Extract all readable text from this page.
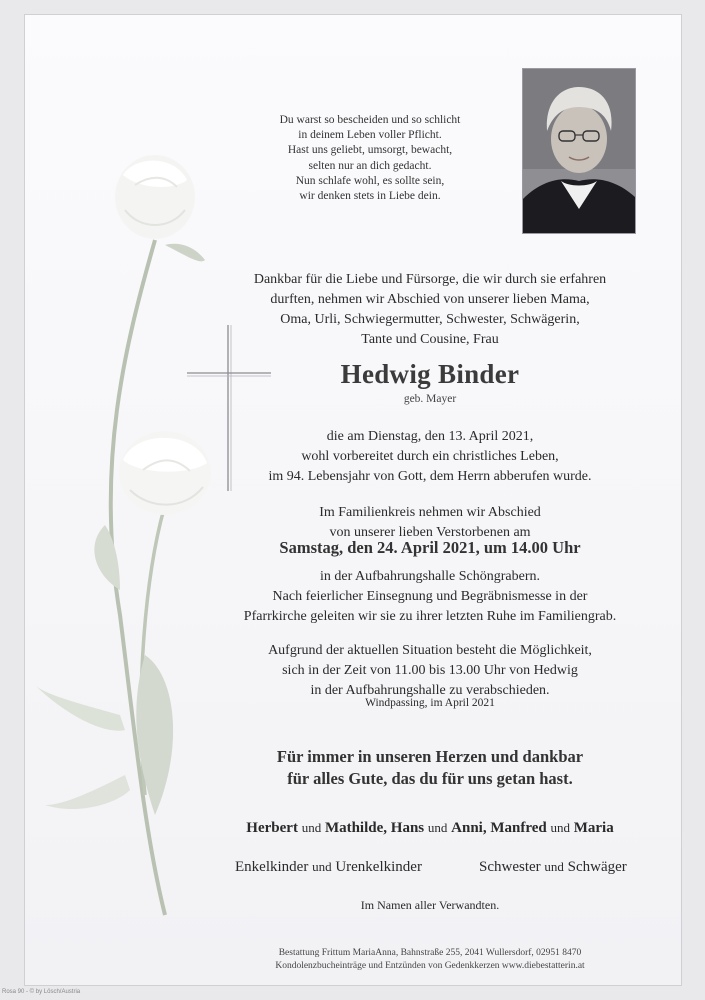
Du warst so bescheiden und so schlicht
in deinem Leben voller Pflicht.
Hast uns geliebt, umsorgt, bewacht,
selten nur an dich gedacht.
Nun schlafe wohl, es sollte sein,
wir denken stets in Liebe dein.
Dankbar für die Liebe und Fürsorge, die wir durch sie erfahren
durften, nehmen wir Abschied von unserer lieben Mama,
Oma, Urli, Schwiegermutter, Schwester, Schwägerin,
Tante und Cousine, Frau
Hedwig Binder
geb. Mayer
die am Dienstag, den 13. April 2021,
wohl vorbereitet durch ein christliches Leben,
im 94. Lebensjahr von Gott, dem Herrn abberufen wurde.
Im Familienkreis nehmen wir Abschied
von unserer lieben Verstorbenen am
Samstag, den 24. April 2021, um 14.00 Uhr
in der Aufbahrungshalle Schöngrabern.
Nach feierlicher Einsegnung und Begräbnismesse in der
Pfarrkirche geleiten wir sie zu ihrer letzten Ruhe im Familiengrab.
Aufgrund der aktuellen Situation besteht die Möglichkeit,
sich in der Zeit von 11.00 bis 13.00 Uhr von Hedwig
in der Aufbahrungshalle zu verabschieden.
Windpassing, im April 2021
Für immer in unseren Herzen und dankbar
für alles Gute, das du für uns getan hast.
Herbert und Mathilde, Hans und Anni, Manfred und Maria
Enkelkinder und Urenkelkinder	Schwester und Schwäger
Im Namen aller Verwandten.
Bestattung Frittum MariaAnna, Bahnstraße 255, 2041 Wullersdorf, 02951 8470
Kondolenzbucheinträge und Entzünden von Gedenkkerzen www.diebestatterin.at
Rosa 90 - © by Lösch/Austria
